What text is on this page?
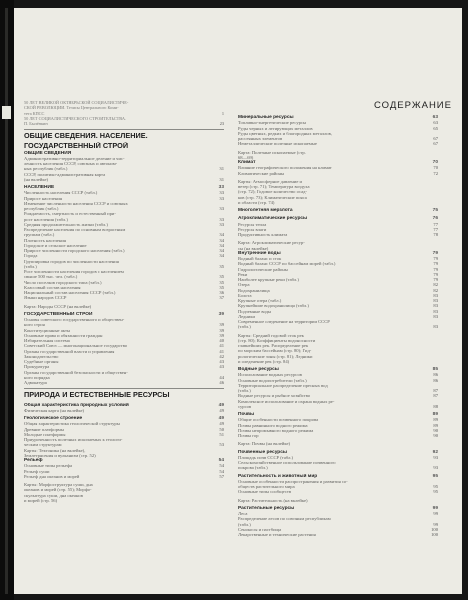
СОДЕРЖАНИЕ
50 ЛЕТ ВЕЛИКОЙ ОКТЯБРЬСКОЙ СОЦИАЛИСТИЧЕ-
СКОЙ РЕВОЛЮЦИИ. Тезисы Центрального Коми-
тета КПСС	1
50 ЛЕТ СОЦИАЛИСТИЧЕСКОГО СТРОИТЕЛЬСТВА.
П. Былёнкин	23
ОБЩИЕ СВЕДЕНИЯ. НАСЕЛЕНИЕ.
ГОСУДАРСТВЕННЫЙ СТРОЙ
ОБЩИЕ СВЕДЕНИЯ
Административно-территориальное деление и чис-
ленность населения СССР, союзных и автоном-
ных республик (табл.)	31
СССР, политико-административная карта
(на вклейке)	31
НАСЕЛЕНИЕ	33
Численность населения СССР (табл.)	33
Прирост населения	33
Изменение численности населения СССР и союзных
республик (табл.)	33
Рождаемость, смертность и естественный при-
рост населения (табл.)	33
Средняя продолжительность жизни (табл.)	33
Распределение населения по основным возрастным
группам (табл.)	34
Плотность населения	34
Городское и сельское население	34
Прирост численности городского населения (табл.)	34
Города	34
Группировка городов по численности населения
(табл.)	35
Рост численности населения городов с населением
свыше 500 тыс. чел. (табл.)	35
Число поселков городского типа (табл.)	35
Классовый состав населения	35
Национальный состав населения СССР (табл.)	36
Языки народов СССР	37
Карта: Народы СССР (на вклейке)
ГОСУДАРСТВЕННЫЙ СТРОЙ	39
Основы советского государственного и обществен-
ного строя	39
Конституционные акты	39
Основные права и обязанности граждан	39
Избирательная система	40
Советский Союз — многонациональное государство	41
Органы государственной власти и управления	41
Законодательство	42
Судебные органы	43
Прокуратура	43
Органы государственной безопасности и обществен-
ного порядка	44
Адвокатура	46
ПРИРОДА И ЕСТЕСТВЕННЫЕ РЕСУРСЫ
Общая характеристика природных условий	49
Физическая карта (на вклейке)	49
Геологическое строение	49
Общая характеристика геологической структуры	49
Древние платформы	50
Молодые платформы	51
Приуроченность полезных ископаемых к геологи-
ческим структурам	53
Карты: Тектоника (на вклейке),
Землетрясения и вулканизм (стр. 52)
Рельеф	54
Основные типы рельефа	54
Рельеф суши	54
Рельеф дна океанов и морей	57
Карты: Морфоструктура суши, дна
океанов и морей (стр. 55); Морфо-
скульптура суши, дна океанов
и морей (стр. 56)
Минеральные ресурсы	63
Топливно-энергетические ресурсы	63
Руды черных и легирующих металлов	65
Руды цветных, редких и благородных металлов,
рассеянных элементов	67
Неметаллические полезные ископаемые	67
Карта: Полезные ископаемые (стр.
68—69)
Климат	70
Влияние географического положения на климат	70
Климатические районы	72
Карты: Атмосферное давление и
ветер (стр. 71); Температура воздуха
(стр. 72); Годовое количество осад-
ков (стр. 73); Климатические пояса
и области (стр. 74)
Многолетняя мерзлота	75
Агроклиматические ресурсы	76
Ресурсы тепла	77
Ресурсы влаги	77
Продуктивность климата	78
Карта: Агроклиматические ресур-
сы (на вклейке)
Внутренние воды	79
Водный баланс и сток	79
Водный баланс СССР по бассейнам морей (табл.)	79
Гидрологические районы	79
Реки	79
Наиболее крупные реки (табл.)	79
Озера	82
Водохранилища	82
Болота	83
Крупные озера (табл.)	83
Крупнейшие водохранилища (табл.)	83
Подземные воды	83
Ледники	83
Современное оледенение на территории СССР
(табл.)	83
Карты: Средний годовой сток рек
(стр. 80); Коэффициенты водоносности
главнейших рек. Распределение рек
по морским бассейнам (стр. 80); Гид-
рологические зоны (стр. 81); Ледники
и оледенение рек (стр. 84)
Водные ресурсы	85
Использование водных ресурсов	86
Основные водопотребители (табл.)	86
Территориальное распределение пресных вод
(табл.)	87
Водные ресурсы и рыбное хозяйство	87
Комплексное использование и охрана водных ре-
сурсов	88
Почвы	89
Общие особенности почвенного покрова	89
Почвы равнинного водного режима	89
Почвы непромывного водного режима	90
Почвы гор	90
Карта: Почвы (на вклейке)
Почвенные ресурсы	92
Площадь почв СССР (табл.)	93
Сельскохозяйственное использование почвенного
покрова (табл.)	93
Растительность и животный мир	95
Основные особенности распространения и развития со-
обществ растительного мира	95
Основные типы сообществ	95
Карта: Растительность (на вклейке)
Растительные ресурсы	99
Леса	99
Распределение лесов по союзным республикам
(табл.)	99
Сенокосы и пастбища	100
Лекарственные и технические растения	100
